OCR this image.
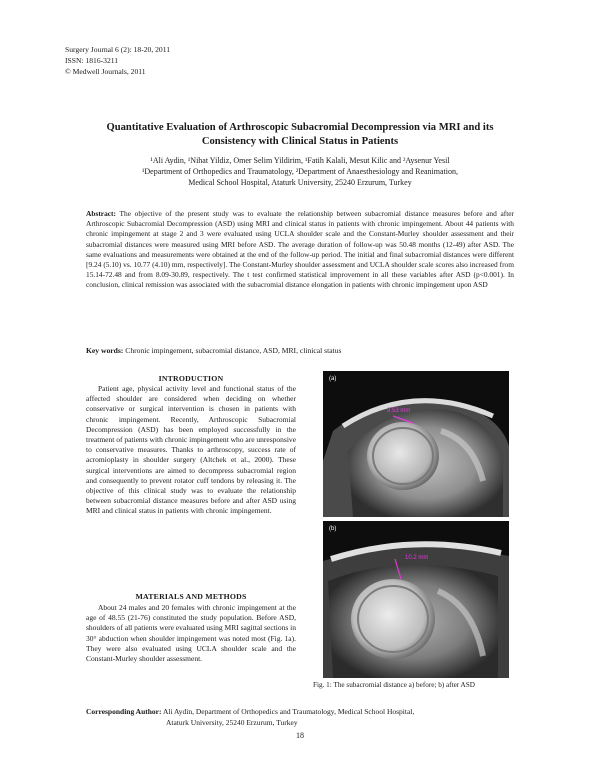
Surgery Journal 6 (2): 18-20, 2011
ISSN: 1816-3211
© Medwell Journals, 2011
Quantitative Evaluation of Arthroscopic Subacromial Decompression via MRI and its Consistency with Clinical Status in Patients
¹Ali Aydin, ¹Nihat Yildiz, Omer Selim Yildirim, ¹Fatih Kalali, Mesut Kilic and ²Aysenur Yesil
¹Department of Orthopedics and Traumatology, ²Department of Anaesthesiology and Reanimation,
Medical School Hospital, Ataturk University, 25240 Erzurum, Turkey
Abstract: The objective of the present study was to evaluate the relationship between subacromial distance measures before and after Arthroscopic Subacromial Decompression (ASD) using MRI and clinical status in patients with chronic impingement. About 44 patients with chronic impingement at stage 2 and 3 were evaluated using UCLA shoulder scale and the Constant-Murley shoulder assessment and their subacromial distances were measured using MRI before ASD. The average duration of follow-up was 50.48 months (12-49) after ASD. The same evaluations and measurements were obtained at the end of the follow-up period. The initial and final subacromial distances were different [9.24 (5.10) vs. 10.77 (4.10) mm, respectively]. The Constant-Murley shoulder assessment and UCLA shoulder scale scores also increased from 15.14-72.48 and from 8.09-30.89, respectively. The t test confirmed statistical improvement in all these variables after ASD (p<0.001). In conclusion, clinical remission was associated with the subacromial distance elongation in patients with chronic impingement upon ASD
Key words: Chronic impingement, subacromial distance, ASD, MRI, clinical status
INTRODUCTION
Patient age, physical activity level and functional status of the affected shoulder are considered when deciding on whether conservative or surgical intervention is chosen in patients with chronic impingement. Recently, Arthroscopic Subacromial Decompression (ASD) has been employed successfully in the treatment of patients with chronic impingement who are unresponsive to conservative measures. Thanks to arthroscopy, success rate of acromioplasty in shoulder surgery (Altchek et al., 2000). These surgical interventions are aimed to decompress subacromial region and consequently to prevent rotator cuff tendons by releasing it. The objective of this clinical study was to evaluate the relationship between subacromial distance measures before and after ASD using MRI and clinical status in patients with chronic impingement.
MATERIALS AND METHODS
About 24 males and 20 females with chronic impingement at the age of 48.55 (21-76) constituted the study population. Before ASD, shoulders of all patients were evaluated using MRI sagittal sections in 30° abduction when shoulder impingement was noted most (Fig. 1a). They were also evaluated using UCLA shoulder scale and the Constant-Murley shoulder assessment.
(a)
9.53 mm
(b)
10.2 mm
Fig. 1: The subacromial distance a) before; b) after ASD
Corresponding Author: Ali Aydin, Department of Orthopedics and Traumatology, Medical School Hospital,
Ataturk University, 25240 Erzurum, Turkey
18
